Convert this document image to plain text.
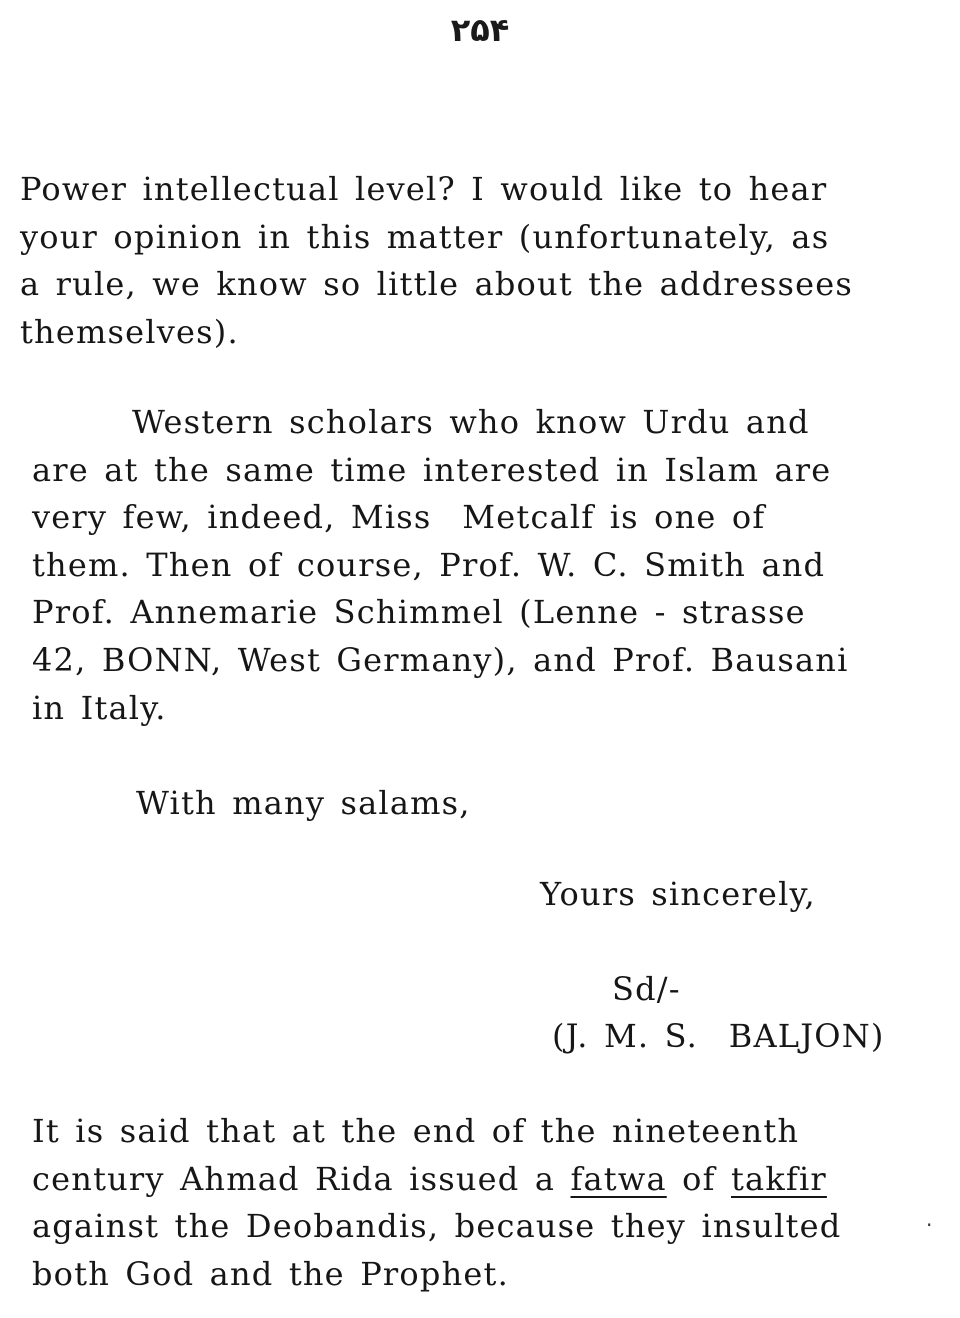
۲۵۴
Power intellectual level? I would like to hear
your opinion in this matter (unfortunately, as
a rule, we know so little about the addressees
themselves).
Western scholars who know Urdu and
are at the same time interested in Islam are
very few, indeed, Miss  Metcalf is one of
them. Then of course, Prof. W. C. Smith and
Prof. Annemarie Schimmel (Lenne - strasse
42, BONN, West Germany), and Prof. Bausani
in Italy.
With many salams,
Yours sincerely,
Sd/-
(J. M. S.  BALJON)
It is said that at the end of the nineteenth
century Ahmad Rida issued a fatwa of takfir
against the Deobandis, because they insulted
both God and the Prophet.
·
